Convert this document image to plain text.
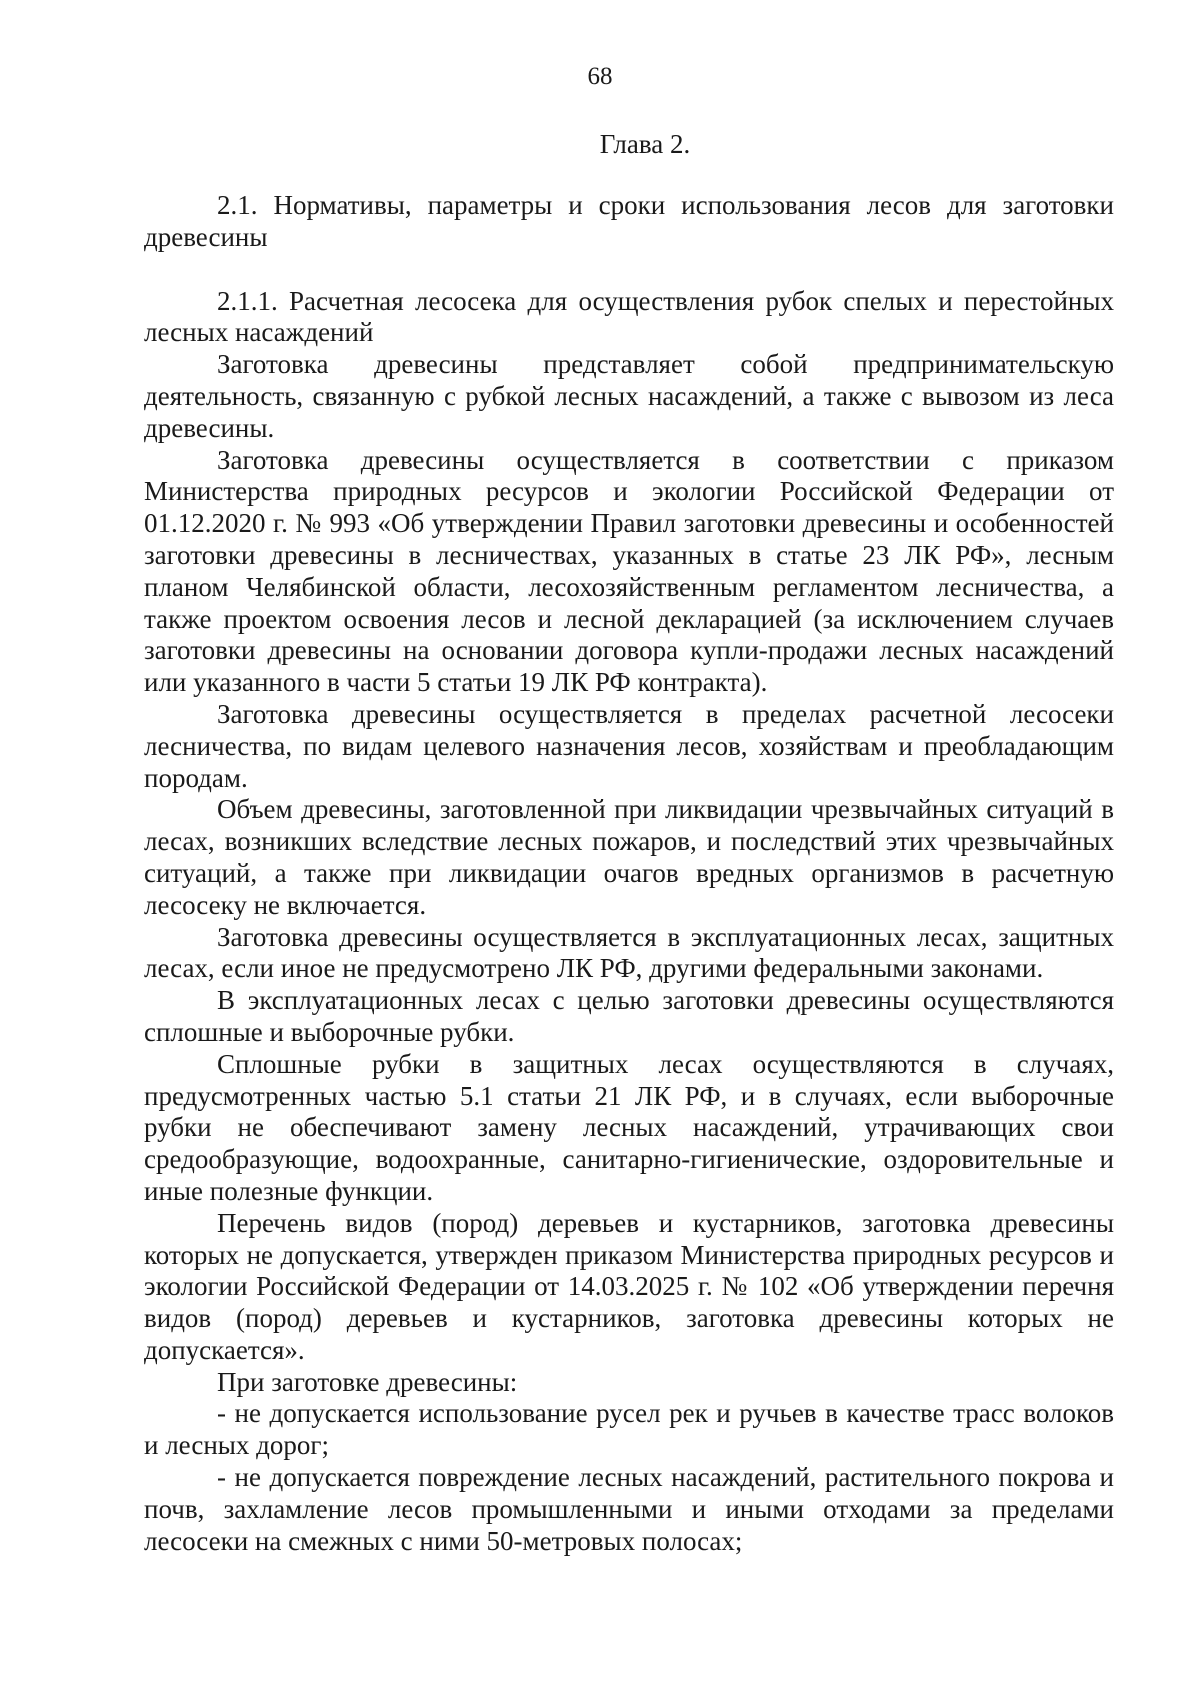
68
Глава 2.

2.1. Нормативы, параметры и сроки использования лесов для заготовки древесины

2.1.1. Расчетная лесосека для осуществления рубок спелых и перестойных лесных насаждений

Заготовка древесины представляет собой предпринимательскую деятельность, связанную с рубкой лесных насаждений, а также с вывозом из леса древесины.

Заготовка древесины осуществляется в соответствии с приказом Министерства природных ресурсов и экологии Российской Федерации от 01.12.2020 г. № 993 «Об утверждении Правил заготовки древесины и особенностей заготовки древесины в лесничествах, указанных в статье 23 ЛК РФ», лесным планом Челябинской области, лесохозяйственным регламентом лесничества, а также проектом освоения лесов и лесной декларацией (за исключением случаев заготовки древесины на основании договора купли-продажи лесных насаждений или указанного в части 5 статьи 19 ЛК РФ контракта).

Заготовка древесины осуществляется в пределах расчетной лесосеки лесничества, по видам целевого назначения лесов, хозяйствам и преобладающим породам.

Объем древесины, заготовленной при ликвидации чрезвычайных ситуаций в лесах, возникших вследствие лесных пожаров, и последствий этих чрезвычайных ситуаций, а также при ликвидации очагов вредных организмов в расчетную лесосеку не включается.

Заготовка древесины осуществляется в эксплуатационных лесах, защитных лесах, если иное не предусмотрено ЛК РФ, другими федеральными законами.

В эксплуатационных лесах с целью заготовки древесины осуществляются сплошные и выборочные рубки.

Сплошные рубки в защитных лесах осуществляются в случаях, предусмотренных частью 5.1 статьи 21 ЛК РФ, и в случаях, если выборочные рубки не обеспечивают замену лесных насаждений, утрачивающих свои средообразующие, водоохранные, санитарно-гигиенические, оздоровительные и иные полезные функции.

Перечень видов (пород) деревьев и кустарников, заготовка древесины которых не допускается, утвержден приказом Министерства природных ресурсов и экологии Российской Федерации от 14.03.2025 г. № 102 «Об утверждении перечня видов (пород) деревьев и кустарников, заготовка древесины которых не допускается».

При заготовке древесины:

- не допускается использование русел рек и ручьев в качестве трасс волоков и лесных дорог;

- не допускается повреждение лесных насаждений, растительного покрова и почв, захламление лесов промышленными и иными отходами за пределами лесосеки на смежных с ними 50-метровых полосах;
